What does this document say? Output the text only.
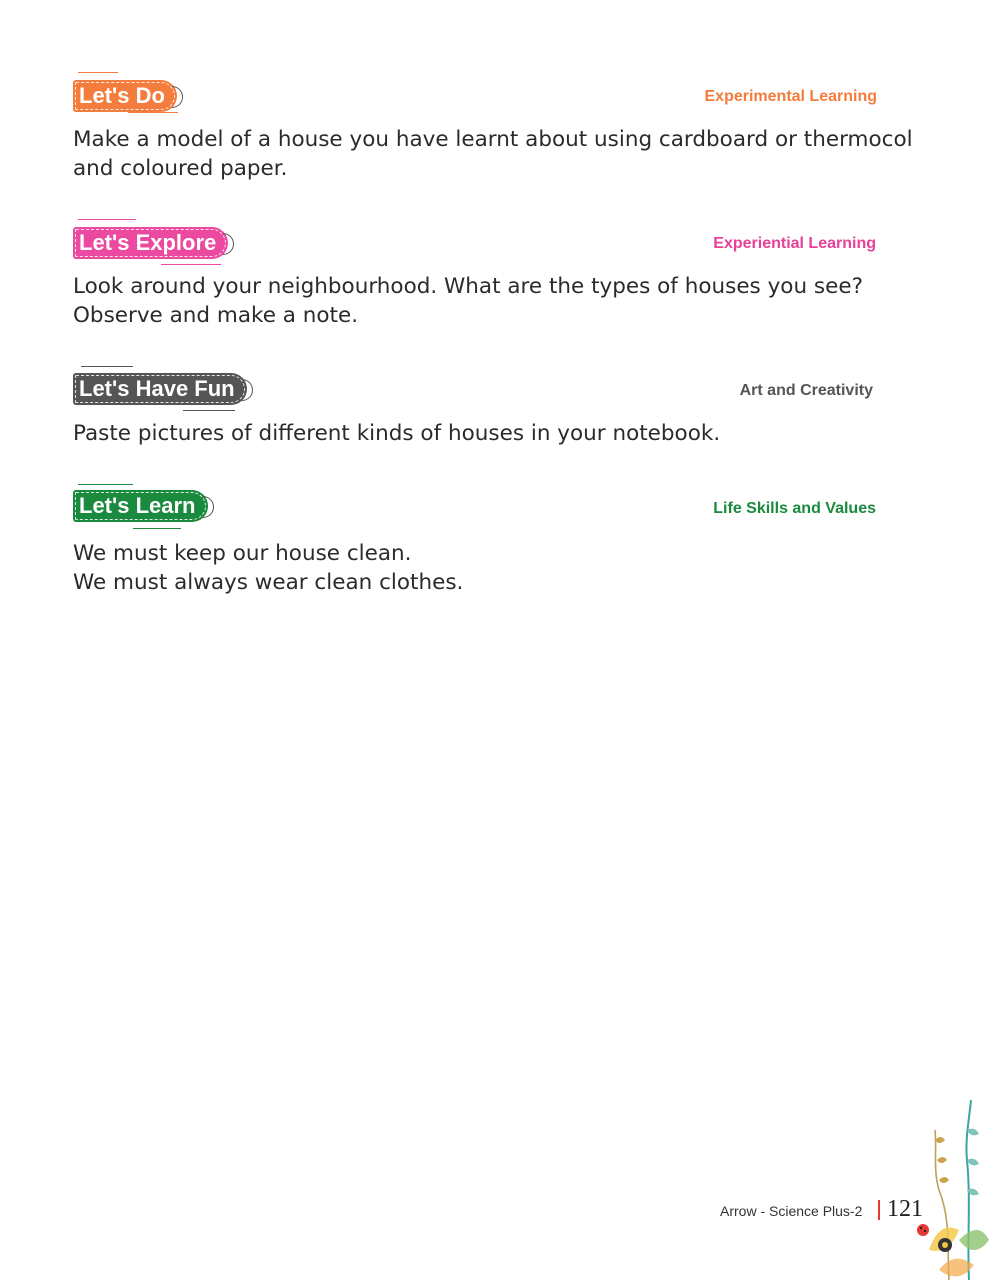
Let's Do	Experimental Learning
Make a model of a house you have learnt about using cardboard or thermocol
and coloured paper.
Let's Explore	Experiential Learning
Look around your neighbourhood. What are the types of houses you see?
Observe and make a note.
Let's Have Fun	Art and Creativity
Paste pictures of different kinds of houses in your notebook.
Let's Learn	Life Skills and Values
We must keep our house clean.
We must always wear clean clothes.
Arrow - Science Plus-2 121
